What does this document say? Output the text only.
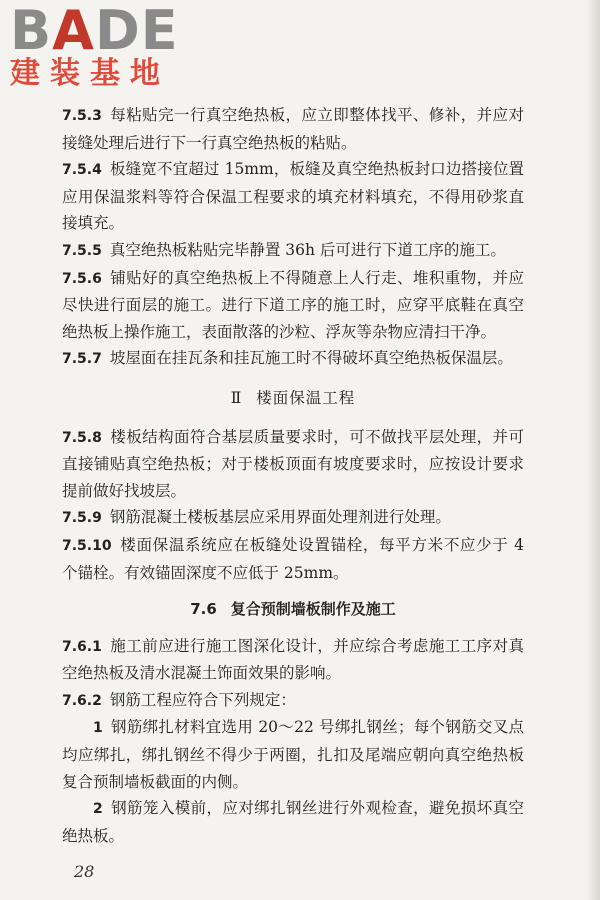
BADE
建装基地

7.5.3 每粘贴完一行真空绝热板，应立即整体找平、修补，并应对接缝处理后进行下一行真空绝热板的粘贴。

7.5.4 板缝宽不宜超过 15mm，板缝及真空绝热板封口边搭接位置应用保温浆料等符合保温工程要求的填充材料填充，不得用砂浆直接填充。

7.5.5 真空绝热板粘贴完毕静置 36h 后可进行下道工序的施工。

7.5.6 铺贴好的真空绝热板上不得随意上人行走、堆积重物，并应尽快进行面层的施工。进行下道工序的施工时，应穿平底鞋在真空绝热板上操作施工，表面散落的沙粒、浮灰等杂物应清扫干净。

7.5.7 坡屋面在挂瓦条和挂瓦施工时不得破坏真空绝热板保温层。

Ⅱ 楼面保温工程

7.5.8 楼板结构面符合基层质量要求时，可不做找平层处理，并可直接铺贴真空绝热板；对于楼板顶面有坡度要求时，应按设计要求提前做好找坡层。

7.5.9 钢筋混凝土楼板基层应采用界面处理剂进行处理。

7.5.10 楼面保温系统应在板缝处设置锚栓，每平方米不应少于 4 个锚栓。有效锚固深度不应低于 25mm。

7.6 复合预制墙板制作及施工

7.6.1 施工前应进行施工图深化设计，并应综合考虑施工工序对真空绝热板及清水混凝土饰面效果的影响。

7.6.2 钢筋工程应符合下列规定：

1 钢筋绑扎材料宜选用 20～22 号绑扎钢丝；每个钢筋交叉点均应绑扎，绑扎钢丝不得少于两圈，扎扣及尾端应朝向真空绝热板复合预制墙板截面的内侧。

2 钢筋笼入模前，应对绑扎钢丝进行外观检查，避免损坏真空绝热板。

28
